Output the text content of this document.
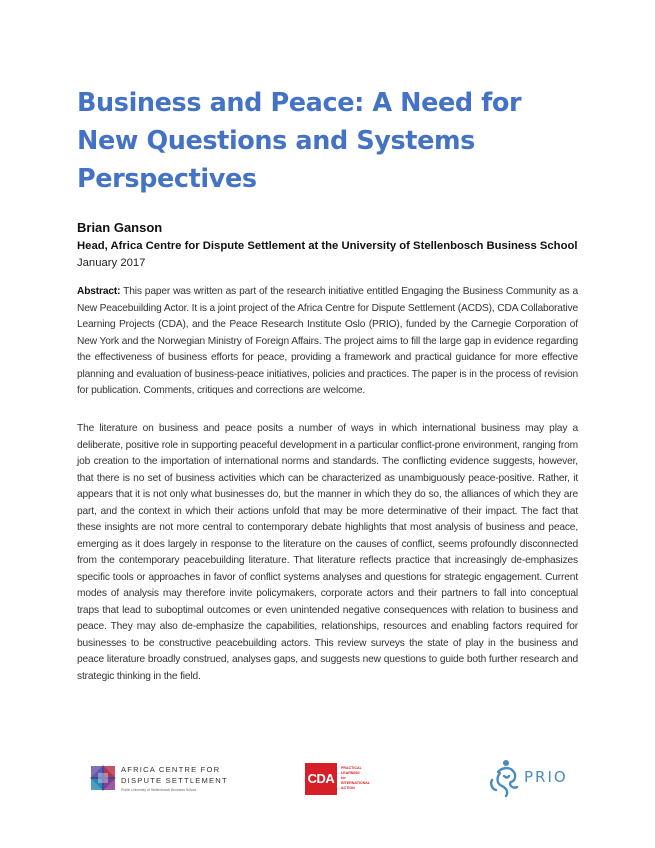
Business and Peace: A Need for
New Questions and Systems
Perspectives
Brian Ganson
Head, Africa Centre for Dispute Settlement at the University of Stellenbosch Business School
January 2017

Abstract: This paper was written as part of the research initiative entitled Engaging the Business Community as a New Peacebuilding Actor. It is a joint project of the Africa Centre for Dispute Settlement (ACDS), CDA Collaborative Learning Projects (CDA), and the Peace Research Institute Oslo (PRIO), funded by the Carnegie Corporation of New York and the Norwegian Ministry of Foreign Affairs. The project aims to fill the large gap in evidence regarding the effectiveness of business efforts for peace, providing a framework and practical guidance for more effective planning and evaluation of business-peace initiatives, policies and practices. The paper is in the process of revision for publication. Comments, critiques and corrections are welcome.

The literature on business and peace posits a number of ways in which international business may play a deliberate, positive role in supporting peaceful development in a particular conflict-prone environment, ranging from job creation to the importation of international norms and standards. The conflicting evidence suggests, however, that there is no set of business activities which can be characterized as unambiguously peace-positive. Rather, it appears that it is not only what businesses do, but the manner in which they do so, the alliances of which they are part, and the context in which their actions unfold that may be more determinative of their impact. The fact that these insights are not more central to contemporary debate highlights that most analysis of business and peace, emerging as it does largely in response to the literature on the causes of conflict, seems profoundly disconnected from the contemporary peacebuilding literature. That literature reflects practice that increasingly de-emphasizes specific tools or approaches in favor of conflict systems analyses and questions for strategic engagement. Current modes of analysis may therefore invite policymakers, corporate actors and their partners to fall into conceptual traps that lead to suboptimal outcomes or even unintended negative consequences with relation to business and peace. They may also de-emphasize the capabilities, relationships, resources and enabling factors required for businesses to be constructive peacebuilding actors. This review surveys the state of play in the business and peace literature broadly construed, analyses gaps, and suggests new questions to guide both further research and strategic thinking in the field.

AFRICA CENTRE FOR
DISPUTE SETTLEMENT
Public University of Stellenbosch Business School
CDA
PRACTICAL
LEARNING
for
INTERNATIONAL
ACTION
PRIO
